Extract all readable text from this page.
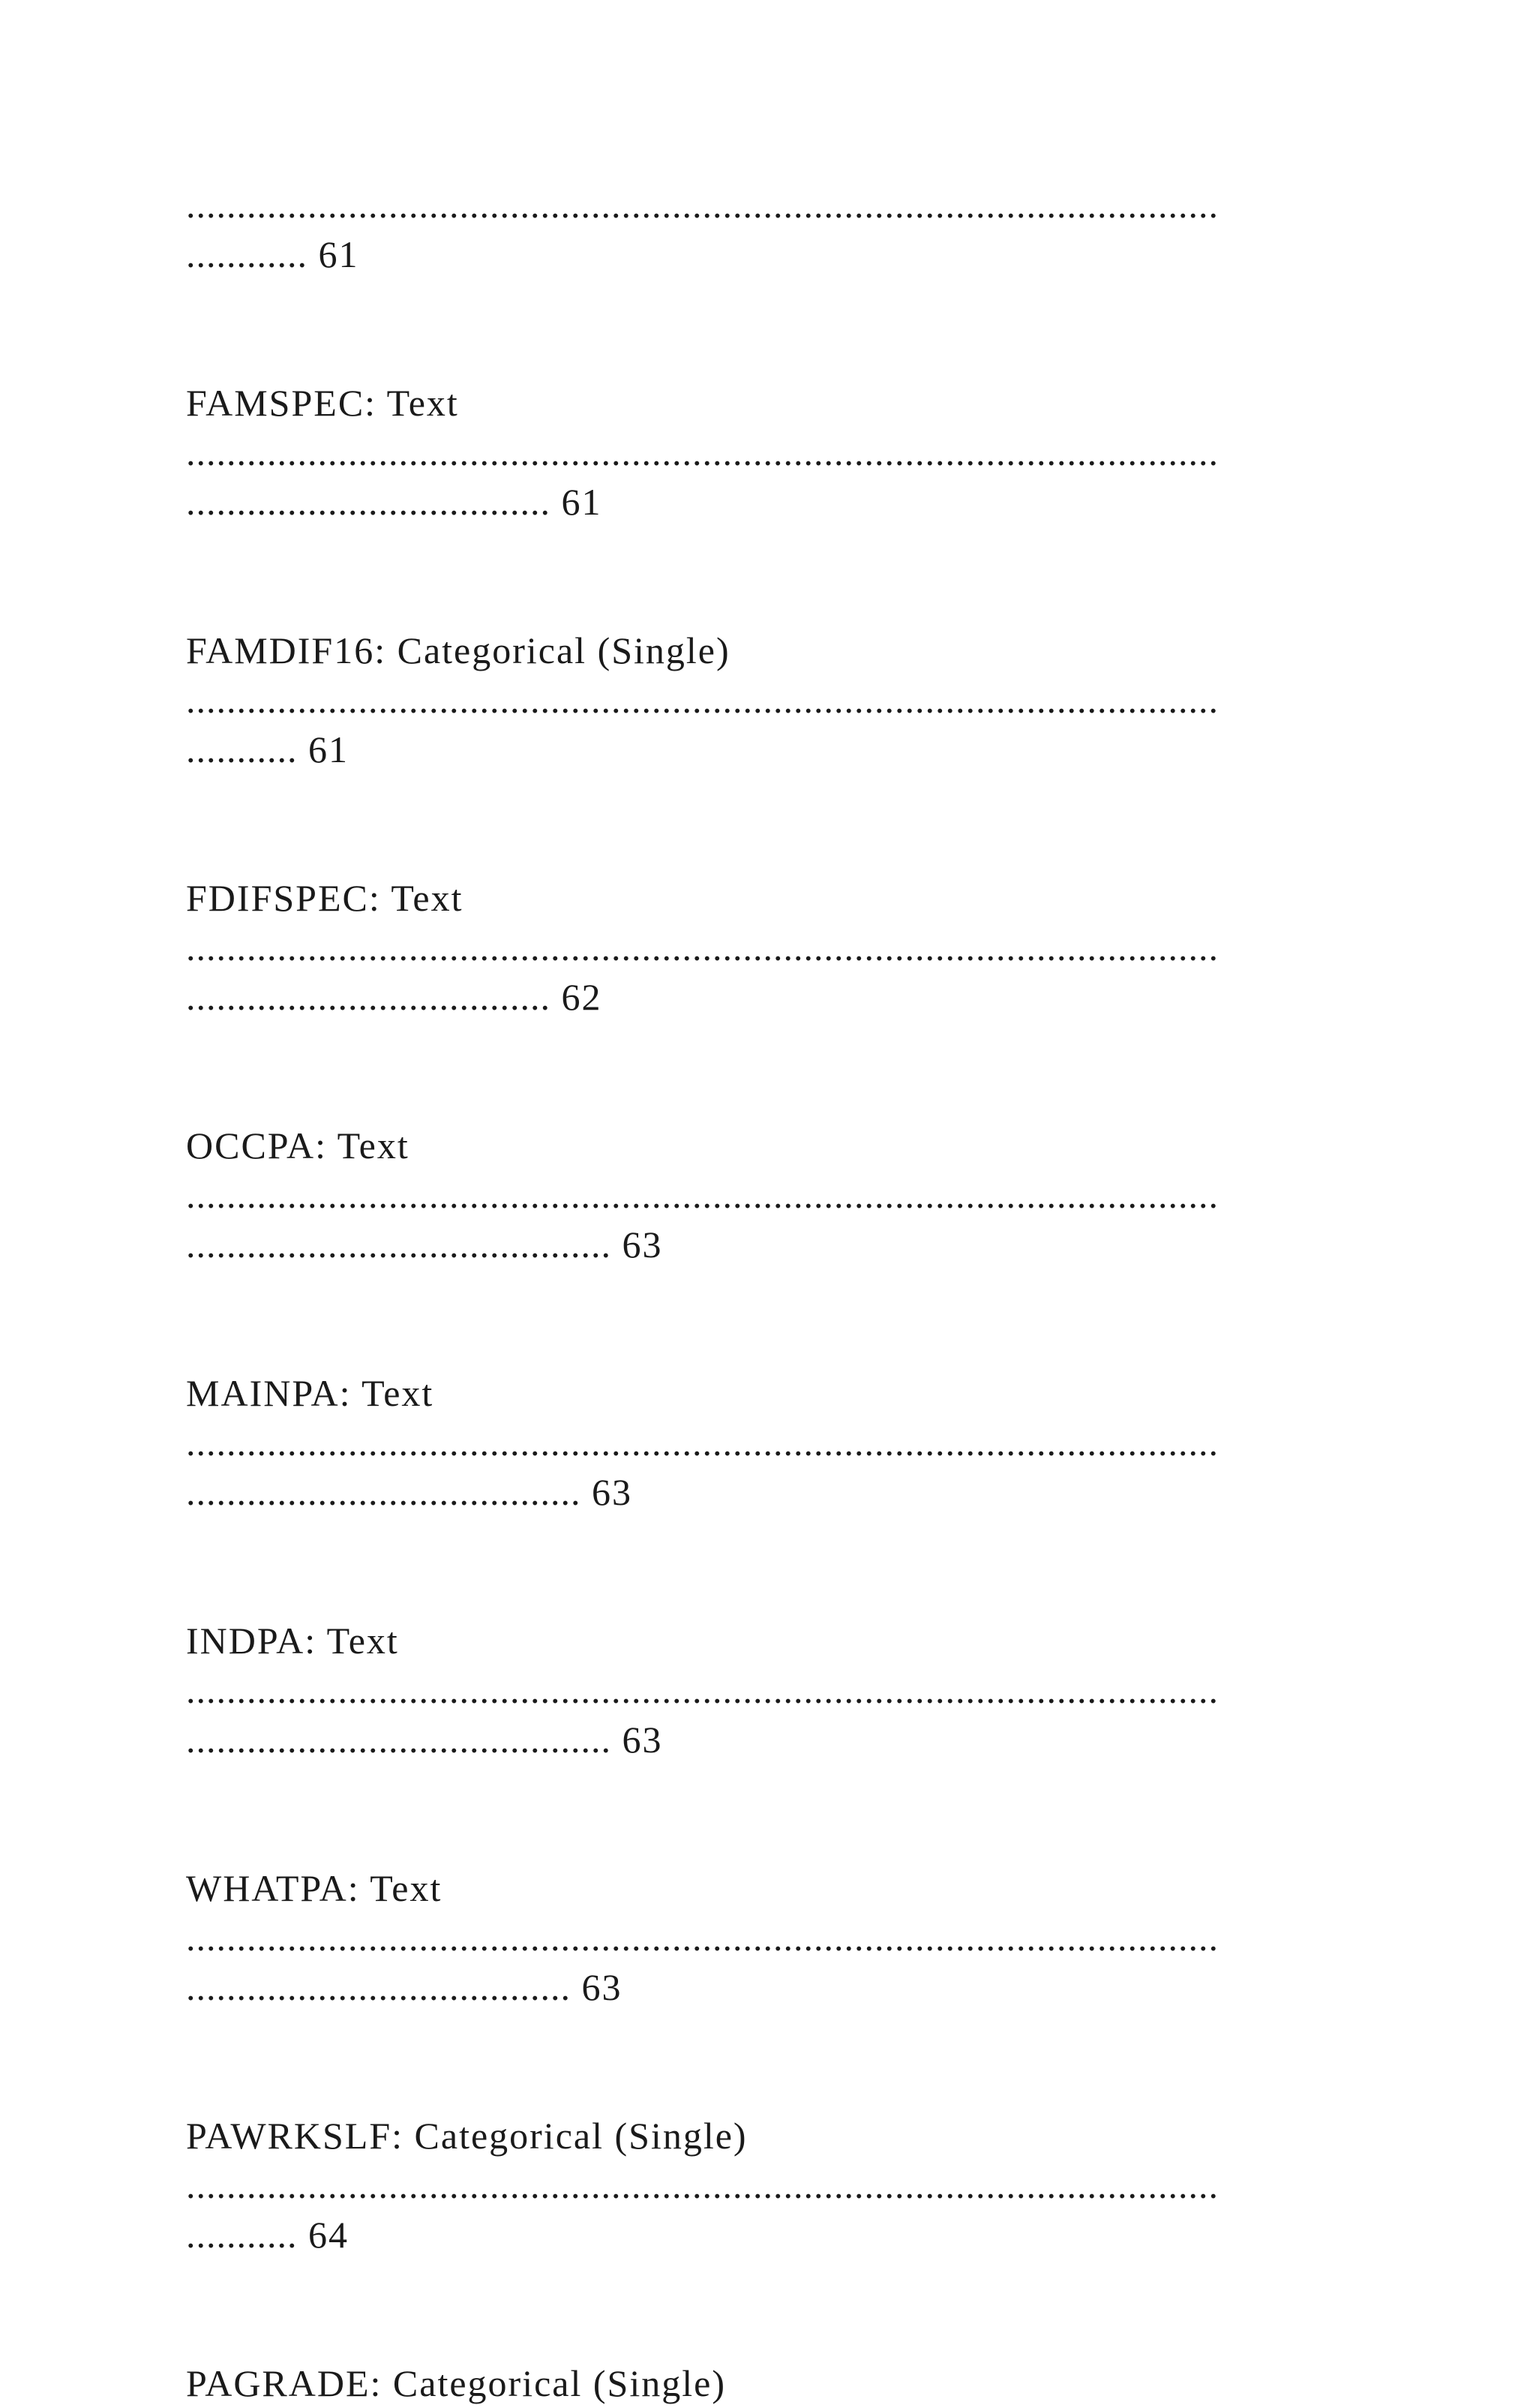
......................................................................................................
............ 61
FAMSPEC: Text
......................................................................................................
.................................... 61
FAMDIF16: Categorical (Single)
......................................................................................................
........... 61
FDIFSPEC: Text
......................................................................................................
.................................... 62
OCCPA: Text
......................................................................................................
.......................................... 63
MAINPA: Text
......................................................................................................
....................................... 63
INDPA: Text
......................................................................................................
.......................................... 63
WHATPA: Text
......................................................................................................
...................................... 63
PAWRKSLF: Categorical (Single)
......................................................................................................
........... 64
PAGRADE: Categorical (Single)
